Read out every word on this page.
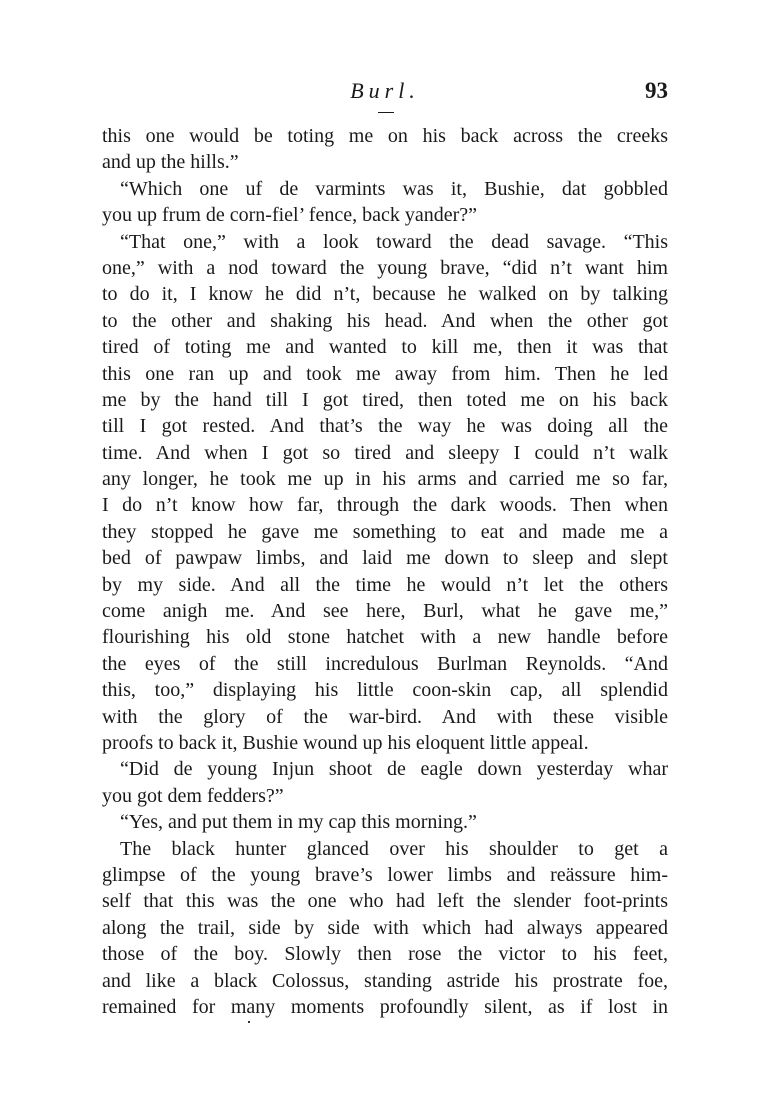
Burl.	93
this one would be toting me on his back across the creeks
and up the hills.”
“Which one uf de varmints was it, Bushie, dat gobbled
you up frum de corn-fiel’ fence, back yander?”
“That one,” with a look toward the dead savage. “This
one,” with a nod toward the young brave, “did n’t want him
to do it, I know he did n’t, because he walked on by talking
to the other and shaking his head. And when the other got
tired of toting me and wanted to kill me, then it was that
this one ran up and took me away from him. Then he led
me by the hand till I got tired, then toted me on his back
till I got rested. And that’s the way he was doing all the
time. And when I got so tired and sleepy I could n’t walk
any longer, he took me up in his arms and carried me so far,
I do n’t know how far, through the dark woods. Then when
they stopped he gave me something to eat and made me a
bed of pawpaw limbs, and laid me down to sleep and slept
by my side. And all the time he would n’t let the others
come anigh me. And see here, Burl, what he gave me,”
flourishing his old stone hatchet with a new handle before
the eyes of the still incredulous Burlman Reynolds. “And
this, too,” displaying his little coon-skin cap, all splendid
with the glory of the war-bird. And with these visible
proofs to back it, Bushie wound up his eloquent little appeal.
“Did de young Injun shoot de eagle down yesterday whar
you got dem fedders?”
“Yes, and put them in my cap this morning.”
The black hunter glanced over his shoulder to get a
glimpse of the young brave’s lower limbs and reässure him-
self that this was the one who had left the slender foot-prints
along the trail, side by side with which had always appeared
those of the boy. Slowly then rose the victor to his feet,
and like a black Colossus, standing astride his prostrate foe,
remained for many moments profoundly silent, as if lost in
